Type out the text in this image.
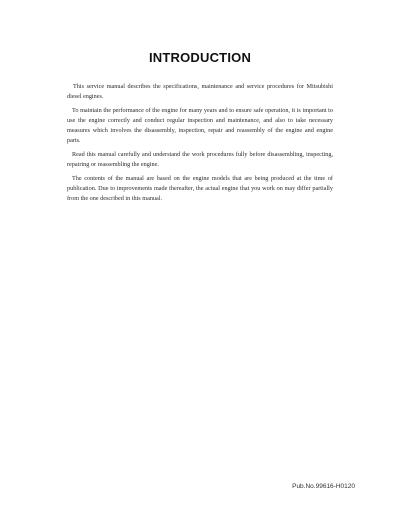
INTRODUCTION

This service manual describes the specifications, maintenance and service procedures for Mitsubishi diesel engines.

To maintain the performance of the engine for many years and to ensure safe operation, it is important to use the engine correctly and conduct regular inspection and maintenance, and also to take necessary measures which involves the disassembly, inspection, repair and reassembly of the engine and engine parts.

Read this manual carefully and understand the work procedures fully before disassembling, inspecting, repairing or reassembling the engine.

The contents of the manual are based on the engine models that are being produced at the time of publication. Due to improvements made thereafter, the actual engine that you work on may differ partially from the one described in this manual.

Pub.No.99616-H0120
